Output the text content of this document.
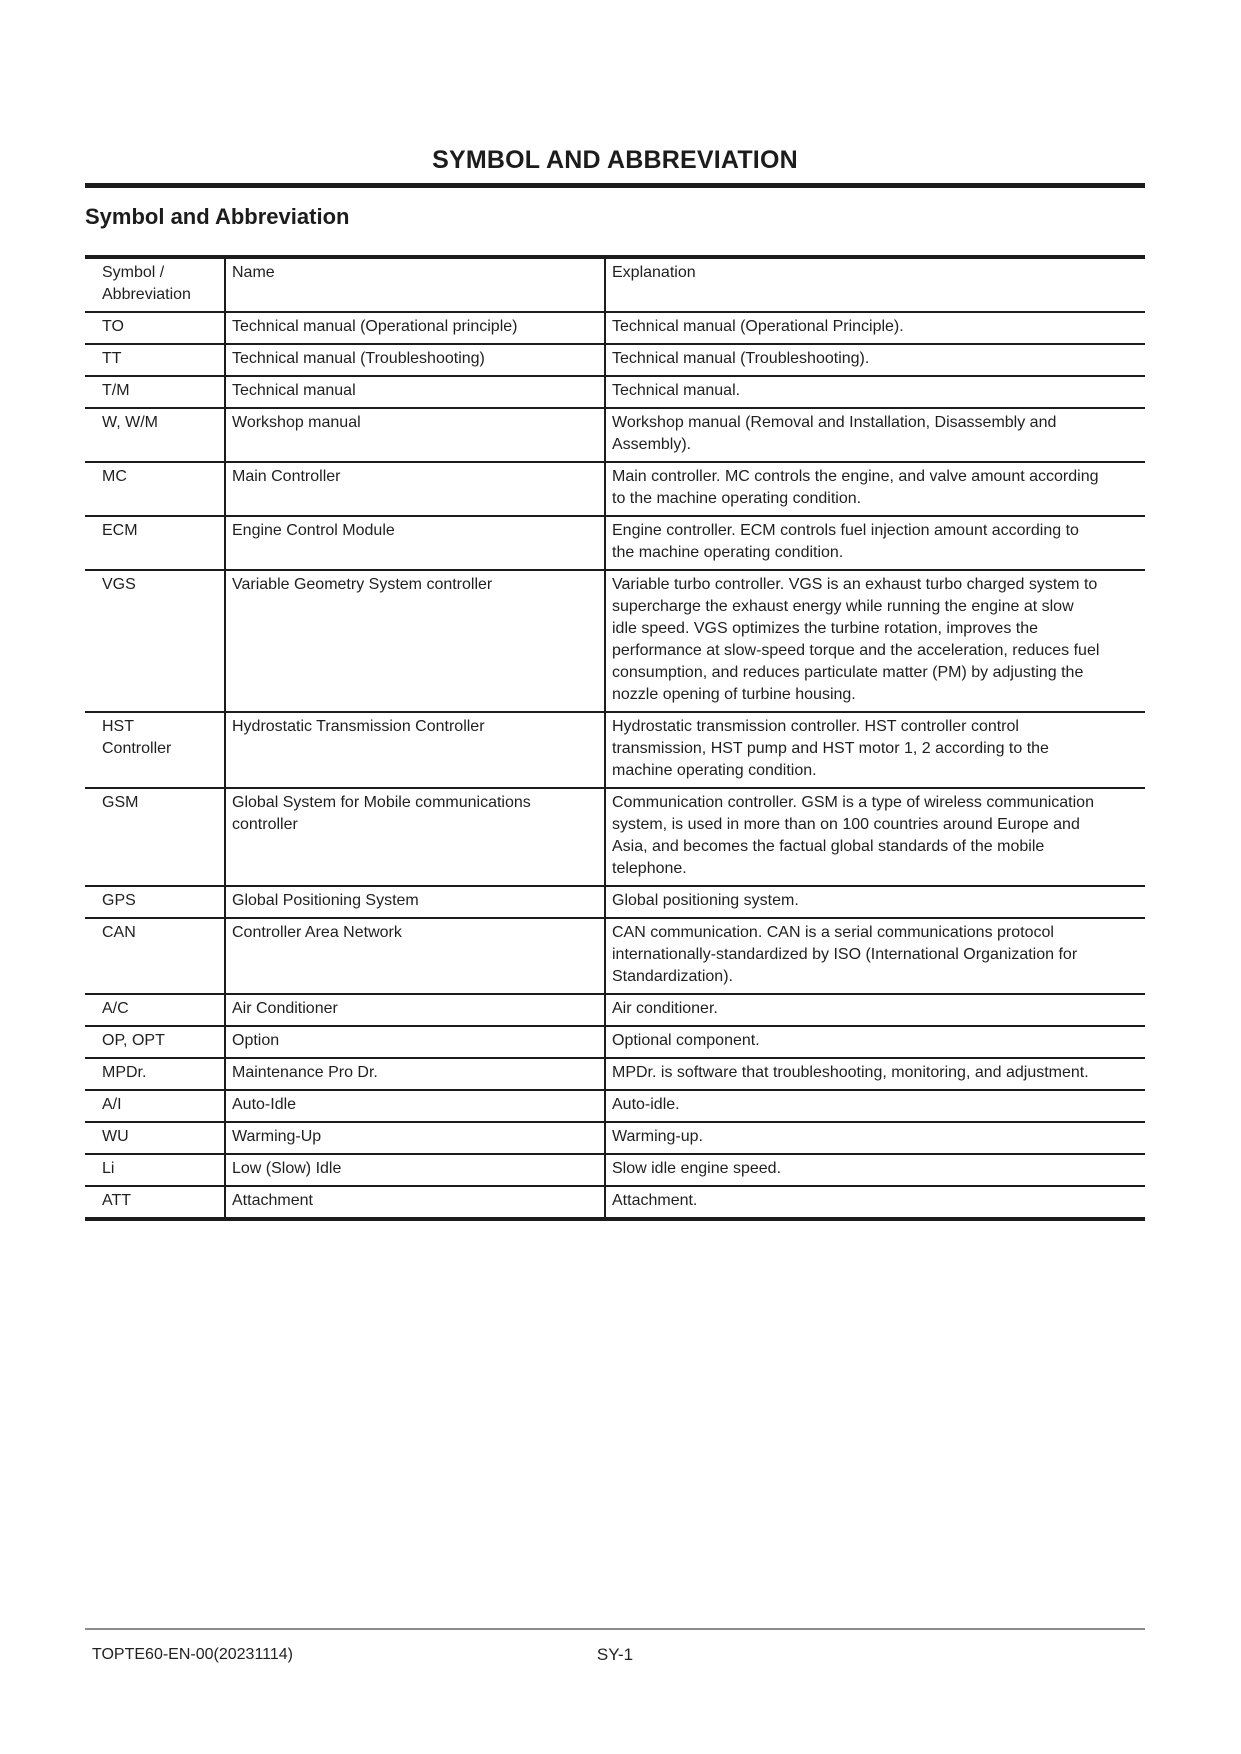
SYMBOL AND ABBREVIATION
Symbol and Abbreviation
Symbol / Abbreviation	Name	Explanation
TO	Technical manual (Operational principle)	Technical manual (Operational Principle).
TT	Technical manual (Troubleshooting)	Technical manual (Troubleshooting).
T/M	Technical manual	Technical manual.
W, W/M	Workshop manual	Workshop manual (Removal and Installation, Disassembly and Assembly).
MC	Main Controller	Main controller. MC controls the engine, and valve amount according to the machine operating condition.
ECM	Engine Control Module	Engine controller. ECM controls fuel injection amount according to the machine operating condition.
VGS	Variable Geometry System controller	Variable turbo controller. VGS is an exhaust turbo charged system to supercharge the exhaust energy while running the engine at slow idle speed. VGS optimizes the turbine rotation, improves the performance at slow-speed torque and the acceleration, reduces fuel consumption, and reduces particulate matter (PM) by adjusting the nozzle opening of turbine housing.
HST Controller	Hydrostatic Transmission Controller	Hydrostatic transmission controller. HST controller control transmission, HST pump and HST motor 1, 2 according to the machine operating condition.
GSM	Global System for Mobile communications controller	Communication controller. GSM is a type of wireless communication system, is used in more than on 100 countries around Europe and Asia, and becomes the factual global standards of the mobile telephone.
GPS	Global Positioning System	Global positioning system.
CAN	Controller Area Network	CAN communication. CAN is a serial communications protocol internationally-standardized by ISO (International Organization for Standardization).
A/C	Air Conditioner	Air conditioner.
OP, OPT	Option	Optional component.
MPDr.	Maintenance Pro Dr.	MPDr. is software that troubleshooting, monitoring, and adjustment.
A/I	Auto-Idle	Auto-idle.
WU	Warming-Up	Warming-up.
Li	Low (Slow) Idle	Slow idle engine speed.
ATT	Attachment	Attachment.
TOPTE60-EN-00(20231114)	SY-1
